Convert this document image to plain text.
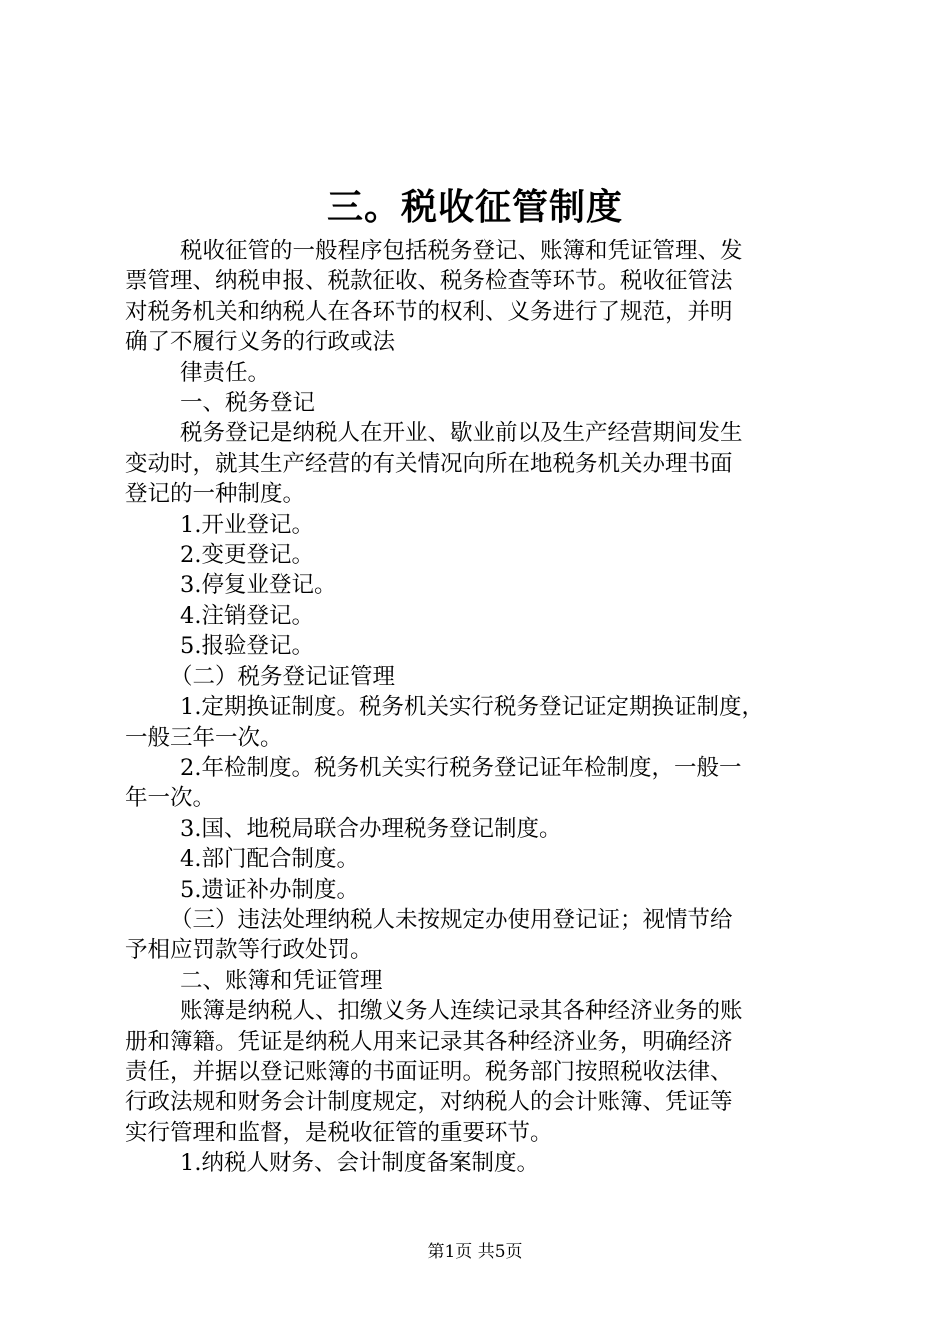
三。税收征管制度

税收征管的一般程序包括税务登记、账簿和凭证管理、发

票管理、纳税申报、税款征收、税务检查等环节。税收征管法

对税务机关和纳税人在各环节的权利、义务进行了规范，并明

确了不履行义务的行政或法

律责任。

一、税务登记

税务登记是纳税人在开业、歇业前以及生产经营期间发生

变动时，就其生产经营的有关情况向所在地税务机关办理书面

登记的一种制度。

1.开业登记。

2.变更登记。

3.停复业登记。

4.注销登记。

5.报验登记。

（二）税务登记证管理

1.定期换证制度。税务机关实行税务登记证定期换证制度，

一般三年一次。

2.年检制度。税务机关实行税务登记证年检制度，一般一

年一次。

3.国、地税局联合办理税务登记制度。

4.部门配合制度。

5.遗证补办制度。

（三）违法处理纳税人未按规定办使用登记证；视情节给

予相应罚款等行政处罚。

二、账簿和凭证管理

账簿是纳税人、扣缴义务人连续记录其各种经济业务的账

册和簿籍。凭证是纳税人用来记录其各种经济业务，明确经济

责任，并据以登记账簿的书面证明。税务部门按照税收法律、

行政法规和财务会计制度规定，对纳税人的会计账簿、凭证等

实行管理和监督，是税收征管的重要环节。

1.纳税人财务、会计制度备案制度。

第1页 共5页
